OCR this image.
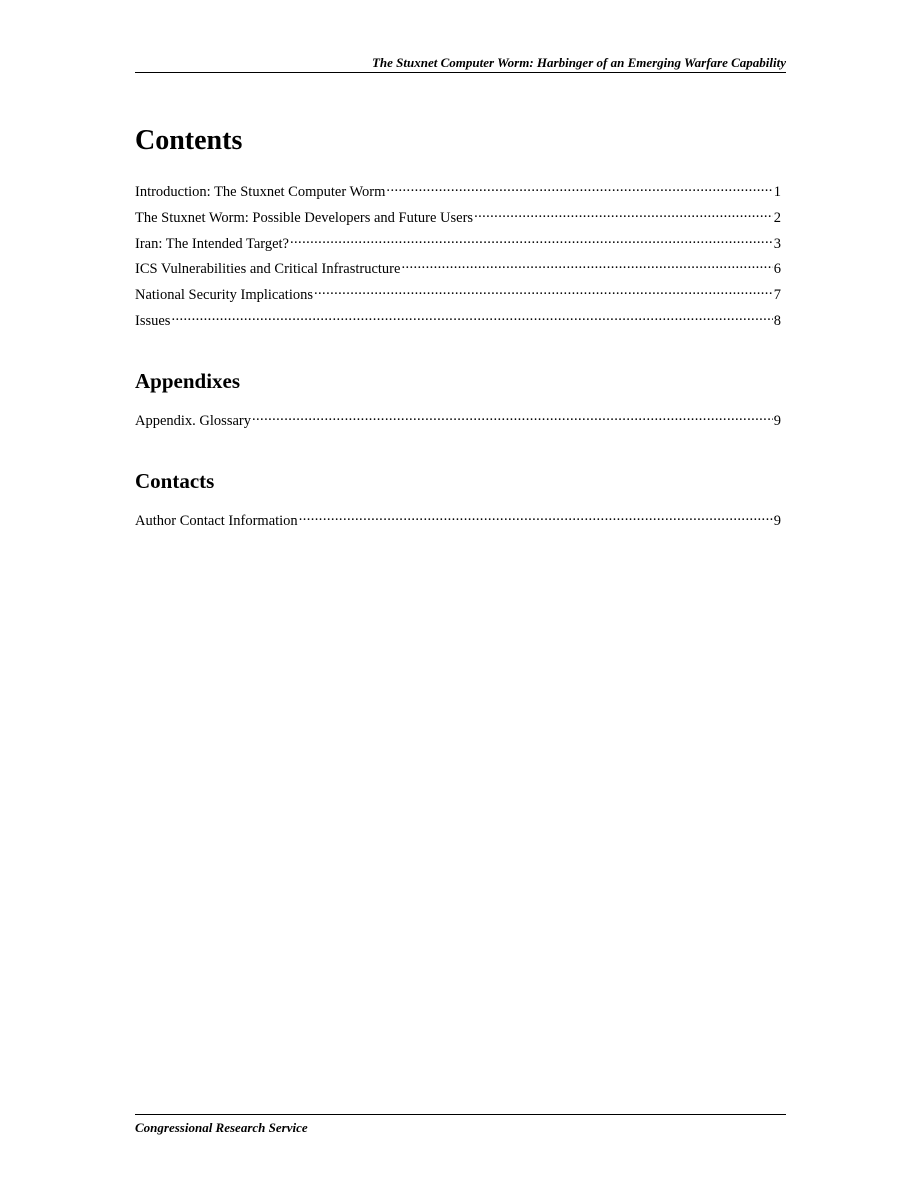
The Stuxnet Computer Worm: Harbinger of an Emerging Warfare Capability
Contents
Introduction: The Stuxnet Computer Worm .....	1
The Stuxnet Worm: Possible Developers and Future Users .....	2
Iran: The Intended Target? .....	3
ICS Vulnerabilities and Critical Infrastructure .....	6
National Security Implications .....	7
Issues .....	8
Appendixes
Appendix. Glossary .....	9
Contacts
Author Contact Information .....	9
Congressional Research Service
